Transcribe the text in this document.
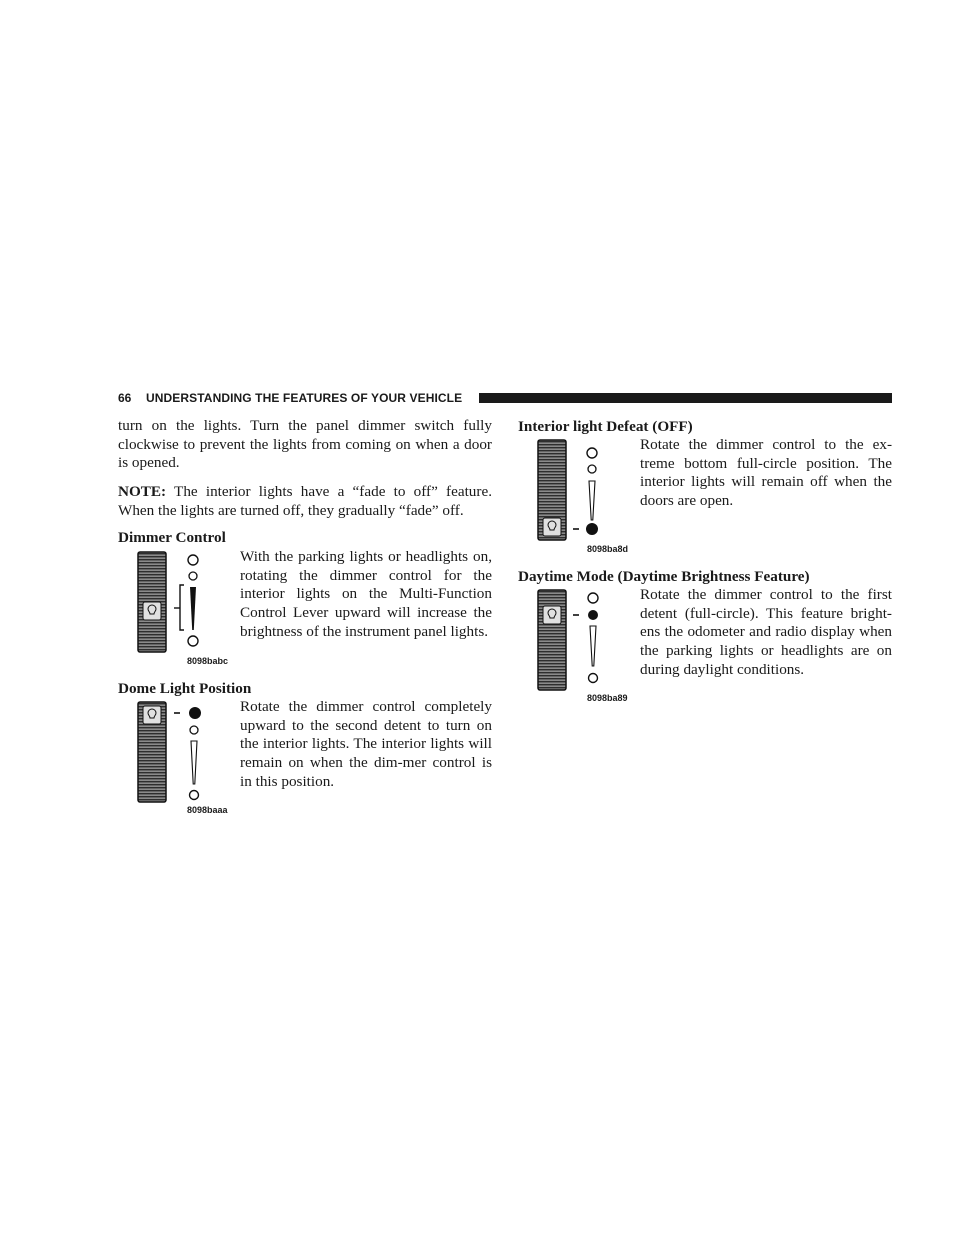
66 UNDERSTANDING THE FEATURES OF YOUR VEHICLE

turn on the lights. Turn the panel dimmer switch fully clockwise to prevent the lights from coming on when a door is opened.

NOTE: The interior lights have a “fade to off” feature. When the lights are turned off, they gradually “fade” off.

Dimmer Control
8098babc

With the parking lights or headlights on, rotating the dimmer control for the interior lights on the Multi-Function Control Lever upward will increase the brightness of the instrument panel lights.

Dome Light Position
8098baaa

Rotate the dimmer control completely upward to the second detent to turn on the interior lights. The interior lights will remain on when the dim-mer control is in this position.

Interior light Defeat (OFF)
8098ba8d

Rotate the dimmer control to the ex-treme bottom full-circle position. The interior lights will remain off when the doors are open.

Daytime Mode (Daytime Brightness Feature)
8098ba89

Rotate the dimmer control to the first detent (full-circle). This feature bright-ens the odometer and radio display when the parking lights or headlights are on during daylight conditions.
